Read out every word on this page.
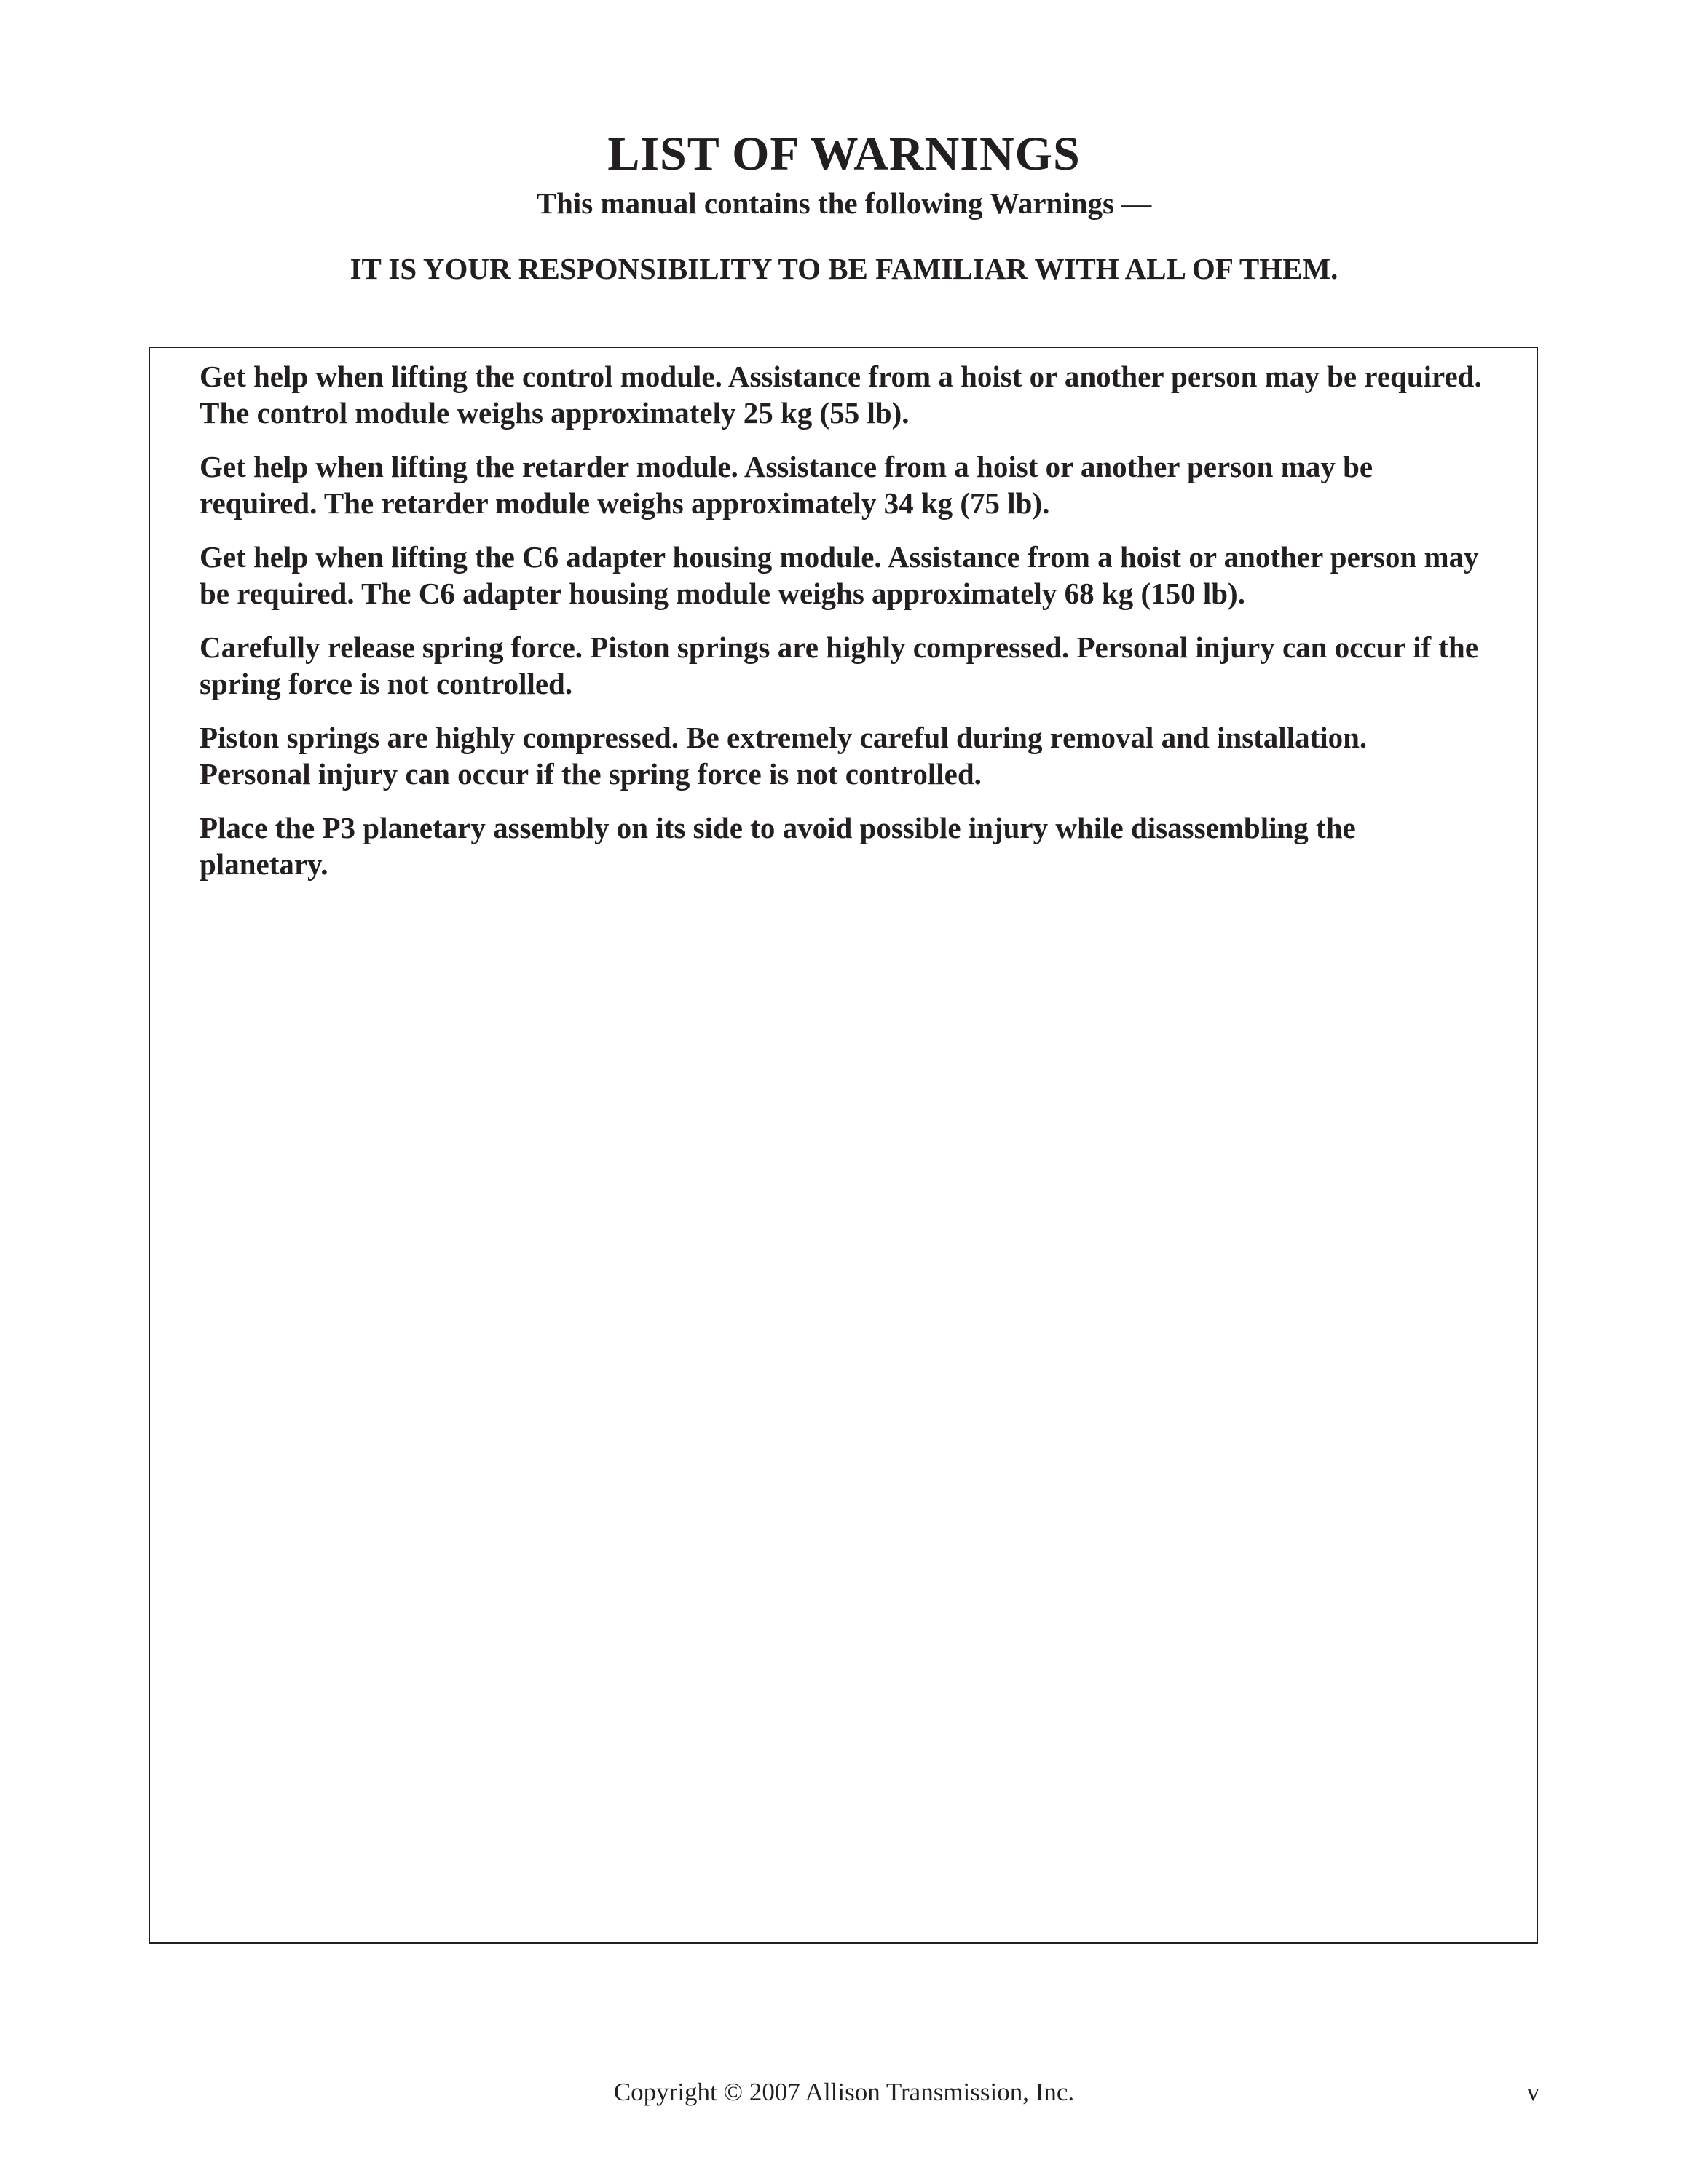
LIST OF WARNINGS
This manual contains the following Warnings —
IT IS YOUR RESPONSIBILITY TO BE FAMILIAR WITH ALL OF THEM.
Get help when lifting the control module. Assistance from a hoist or another person may be required. The control module weighs approximately 25 kg (55 lb).
Get help when lifting the retarder module. Assistance from a hoist or another person may be required. The retarder module weighs approximately 34 kg (75 lb).
Get help when lifting the C6 adapter housing module. Assistance from a hoist or another person may be required. The C6 adapter housing module weighs approximately 68 kg (150 lb).
Carefully release spring force. Piston springs are highly compressed. Personal injury can occur if the spring force is not controlled.
Piston springs are highly compressed. Be extremely careful during removal and installation. Personal injury can occur if the spring force is not controlled.
Place the P3 planetary assembly on its side to avoid possible injury while disassembling the planetary.
Copyright © 2007 Allison Transmission, Inc.	v
